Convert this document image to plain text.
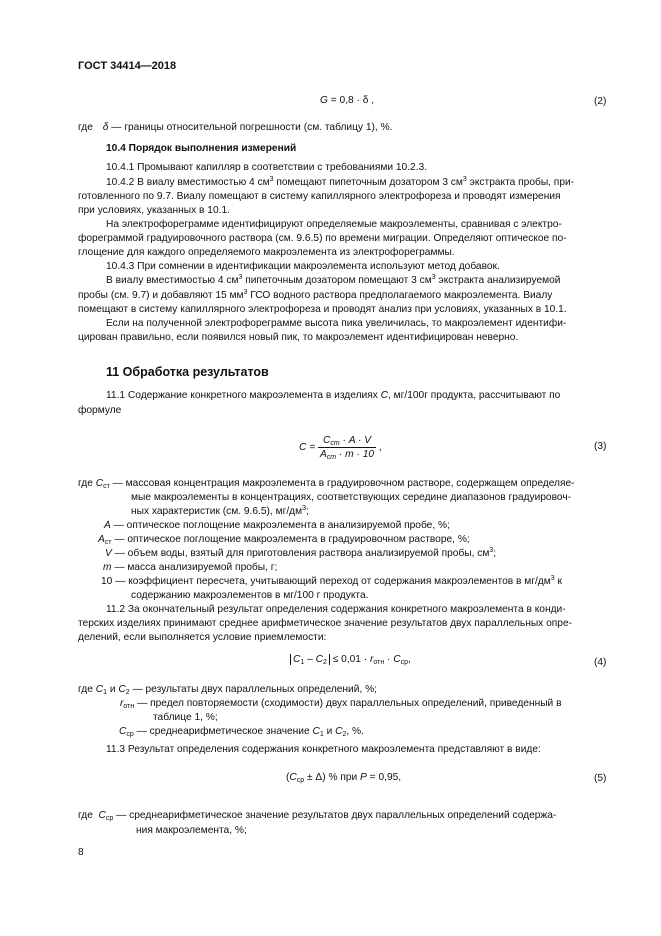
ГОСТ 34414—2018
G = 0,8 · δ ,	(2)
где δ — границы относительной погрешности (см. таблицу 1), %.
10.4 Порядок выполнения измерений
10.4.1 Промывают капилляр в соответствии с требованиями 10.2.3.
10.4.2 В виалу вместимостью 4 $см^3$ помещают пипеточным дозатором 3 $см^3$ экстракта пробы, при-
готовленного по 9.7. Виалу помещают в систему капиллярного электрофореза и проводят измерения
при условиях, указанных в 10.1.
На электрофореграмме идентифицируют определяемые макроэлементы, сравнивая с электро-
фореграммой градуировочного раствора (см. 9.6.5) по времени миграции. Определяют оптическое по-
глощение для каждого определяемого макроэлемента из электрофореграммы.
10.4.3 При сомнении в идентификации макроэлемента используют метод добавок.
В виалу вместимостью 4 $см^3$ пипеточным дозатором помещают 3 $см^3$ экстракта анализируемой
пробы (см. 9.7) и добавляют 15 $мм^3$ ГСО водного раствора предполагаемого макроэлемента. Виалу
помещают в систему капиллярного электрофореза и проводят анализ при условиях, указанных в 10.1.
Если на полученной электрофореграмме высота пика увеличилась, то макроэлемент идентифи-
цирован правильно, если появился новый пик, то макроэлемент идентифицирован неверно.
11 Обработка результатов
11.1 Содержание конкретного макроэлемента в изделиях С, мг/100г продукта, рассчитывают по
формуле
$C = \frac{\text{Cст · A · V}}{\text{Aст · m · 10}}$ ,	(3)
где Cст — массовая концентрация макроэлемента в градуировочном растворе, содержащем определяе-
мые макроэлементы в концентрациях, соответствующих середине диапазонов градуировоч-
ных характеристик (см. 9.6.5), $мг/дм^3$;
A — оптическое поглощение макроэлемента в анализируемой пробе, %;
Aст — оптическое поглощение макроэлемента в градуировочном растворе, %;
V — объем воды, взятый для приготовления раствора анализируемой пробы, $см^3$;
m — масса анализируемой пробы, г;
10 — коэффициент пересчета, учитывающий переход от содержания макроэлементов в $мг/дм^3$ к
содержанию макроэлементов в мг/100 г продукта.
11.2 За окончательный результат определения содержания конкретного макроэлемента в конди-
терских изделиях принимают среднее арифметическое значение результатов двух параллельных опре-
делений, если выполняется условие приемлемости:
C1 – C2 ≤ 0,01 · rотн · Cср,	(4)
где C1 и C2 — результаты двух параллельных определений, %;
rотн — предел повторяемости (сходимости) двух параллельных определений, приведенный в
таблице 1, %;
Cср — среднеарифметическое значение C1 и C2, %.
11.3 Результат определения содержания конкретного макроэлемента представляют в виде:
(Cср ± Δ) % при P = 0,95,	(5)
где Cср — среднеарифметическое значение результатов двух параллельных определений содержа-
ния макроэлемента, %;
8
